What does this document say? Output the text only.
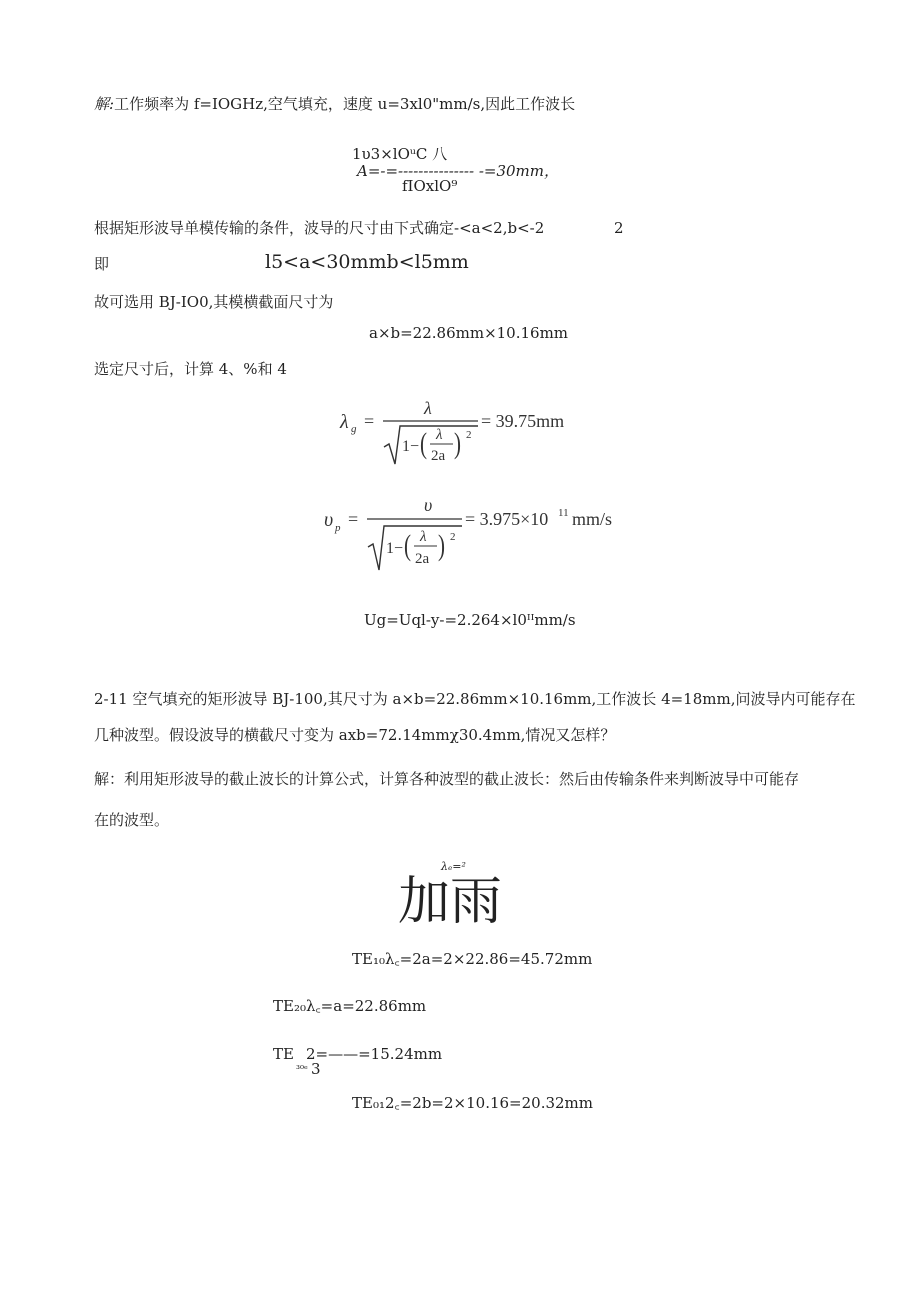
解:工作频率为 f=IOGHz,空气填充，速度 u=3xl0"mm∕s,因此工作波长
1υ3×lOᵘC 八
A=-=--------------- -=30mm，
fIOxlO⁹
根据矩形波导单模传输的条件，波导的尺寸由下式确定-<a<2,b<-2	2
即	l5<a<30mmb<l5mm
故可选用 BJ-IO0,其模横截面尺寸为
a×b=22.86mm×10.16mm
选定尺寸后，计算 4、%和 4
λ g =
λ
1− ( λ
2a ) 2
= 39.75mm
υ p =
υ
1− ( λ
2a ) 2
= 3.975×10 11 mm/s
Ug=Uql-y-=2.264×l0ᴵᴵmm∕s
2-11 空气填充的矩形波导 BJ-100,其尺寸为 a×b=22.86mm×10.16mm,工作波长 4=18mm,问波导内可能存在
几种波型。假设波导的横截尺寸变为 axb=72.14mmχ30.4mm,情况又怎样？
解：利用矩形波导的截止波长的计算公式，计算各种波型的截止波长：然后由传输条件来判断波导中可能存
在的波型。
λₑ=²
加雨
TE₁₀λ꜀=2a=2×22.86=45.72mm
TE₂₀λ꜀=a=22.86mm
TE
₃₀ₑ
2=——=15.24mm
3
TE₀₁2꜀=2b=2×10.16=20.32mm
